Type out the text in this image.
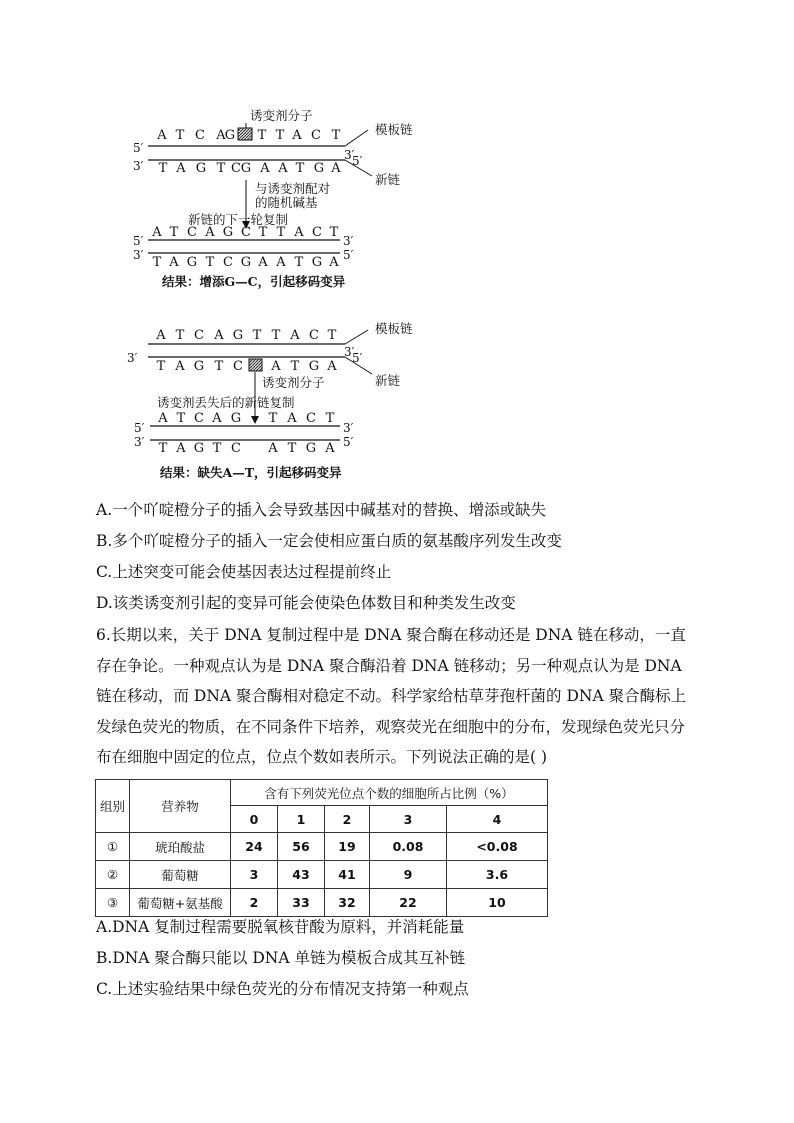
诱变剂分子
A T C A G T T A C T
5′
模板链
3′
3′	5′
新链
T A G T C G A A T G A
与诱变剂配对
的随机碱基
新链的下一轮复制
A T C A G C T T A C T
5′	3′
3′	5′
T A G T C G A A T G A
结果：增添G—C，引起移码变异
A T C A G T T A C T	模板链
3′
3′	5′
新链
T A G T C A T G A
诱变剂分子
诱变剂丢失后的新链复制
A T C A G T A C T
5′	3′
3′	5′
T A G T C A T G A
结果：缺失A—T，引起移码变异

A.一个吖啶橙分子的插入会导致基因中碱基对的替换、增添或缺失

B.多个吖啶橙分子的插入一定会使相应蛋白质的氨基酸序列发生改变

C.上述突变可能会使基因表达过程提前终止

D.该类诱变剂引起的变异可能会使染色体数目和种类发生改变

6.长期以来，关于 DNA 复制过程中是 DNA 聚合酶在移动还是 DNA 链在移动，一直存在争论。一种观点认为是 DNA 聚合酶沿着 DNA 链移动；另一种观点认为是 DNA 链在移动，而 DNA 聚合酶相对稳定不动。科学家给枯草芽孢杆菌的 DNA 聚合酶标上发绿色荧光的物质，在不同条件下培养，观察荧光在细胞中的分布，发现绿色荧光只分布在细胞中固定的位点，位点个数如表所示。下列说法正确的是( )

组别	营养物	含有下列荧光位点个数的细胞所占比例（%）				
		0	1	2	3	4
①	琥珀酸盐	24	56	19	0.08	<0.08
②	葡萄糖	3	43	41	9	3.6
③	葡萄糖+氨基酸	2	33	32	22	10

A.DNA 复制过程需要脱氧核苷酸为原料，并消耗能量

B.DNA 聚合酶只能以 DNA 单链为模板合成其互补链

C.上述实验结果中绿色荧光的分布情况支持第一种观点
